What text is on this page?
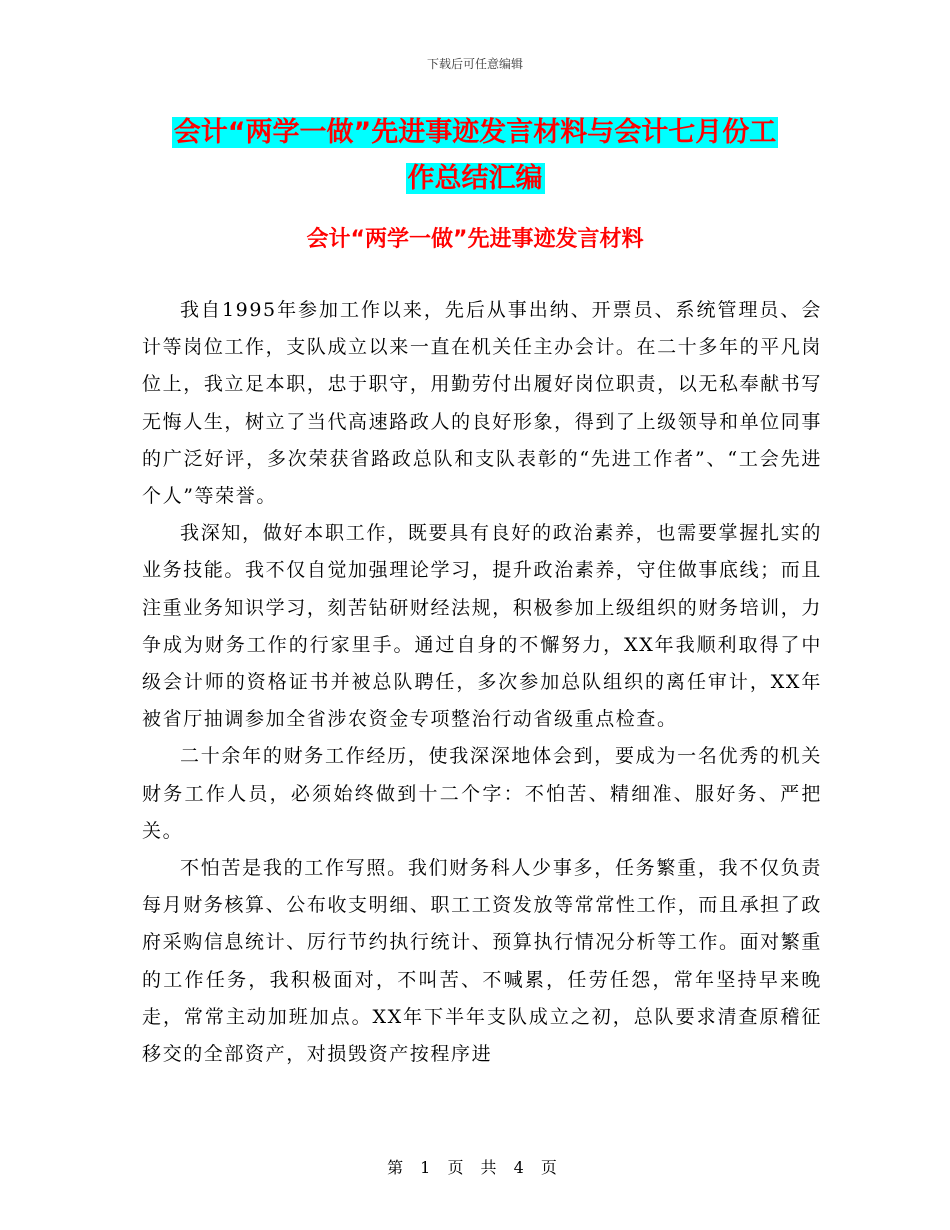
下载后可任意编辑
会计“两学一做”先进事迹发言材料与会计七月份工
作总结汇编
会计“两学一做”先进事迹发言材料

我自1995年参加工作以来，先后从事出纳、开票员、系统管理员、会计等岗位工作，支队成立以来一直在机关任主办会计。在二十多年的平凡岗位上，我立足本职，忠于职守，用勤劳付出履好岗位职责，以无私奉献书写无悔人生，树立了当代高速路政人的良好形象，得到了上级领导和单位同事的广泛好评，多次荣获省路政总队和支队表彰的“先进工作者”、“工会先进个人”等荣誉。

我深知，做好本职工作，既要具有良好的政治素养，也需要掌握扎实的业务技能。我不仅自觉加强理论学习，提升政治素养，守住做事底线；而且注重业务知识学习，刻苦钻研财经法规，积极参加上级组织的财务培训，力争成为财务工作的行家里手。通过自身的不懈努力，XX年我顺利取得了中级会计师的资格证书并被总队聘任，多次参加总队组织的离任审计，XX年被省厅抽调参加全省涉农资金专项整治行动省级重点检查。

二十余年的财务工作经历，使我深深地体会到，要成为一名优秀的机关财务工作人员，必须始终做到十二个字：不怕苦、精细准、服好务、严把关。

不怕苦是我的工作写照。我们财务科人少事多，任务繁重，我不仅负责每月财务核算、公布收支明细、职工工资发放等常常性工作，而且承担了政府采购信息统计、厉行节约执行统计、预算执行情况分析等工作。面对繁重的工作任务，我积极面对，不叫苦、不喊累，任劳任怨，常年坚持早来晚走，常常主动加班加点。XX年下半年支队成立之初，总队要求清查原稽征移交的全部资产，对损毁资产按程序进

第 1 页 共 4 页
